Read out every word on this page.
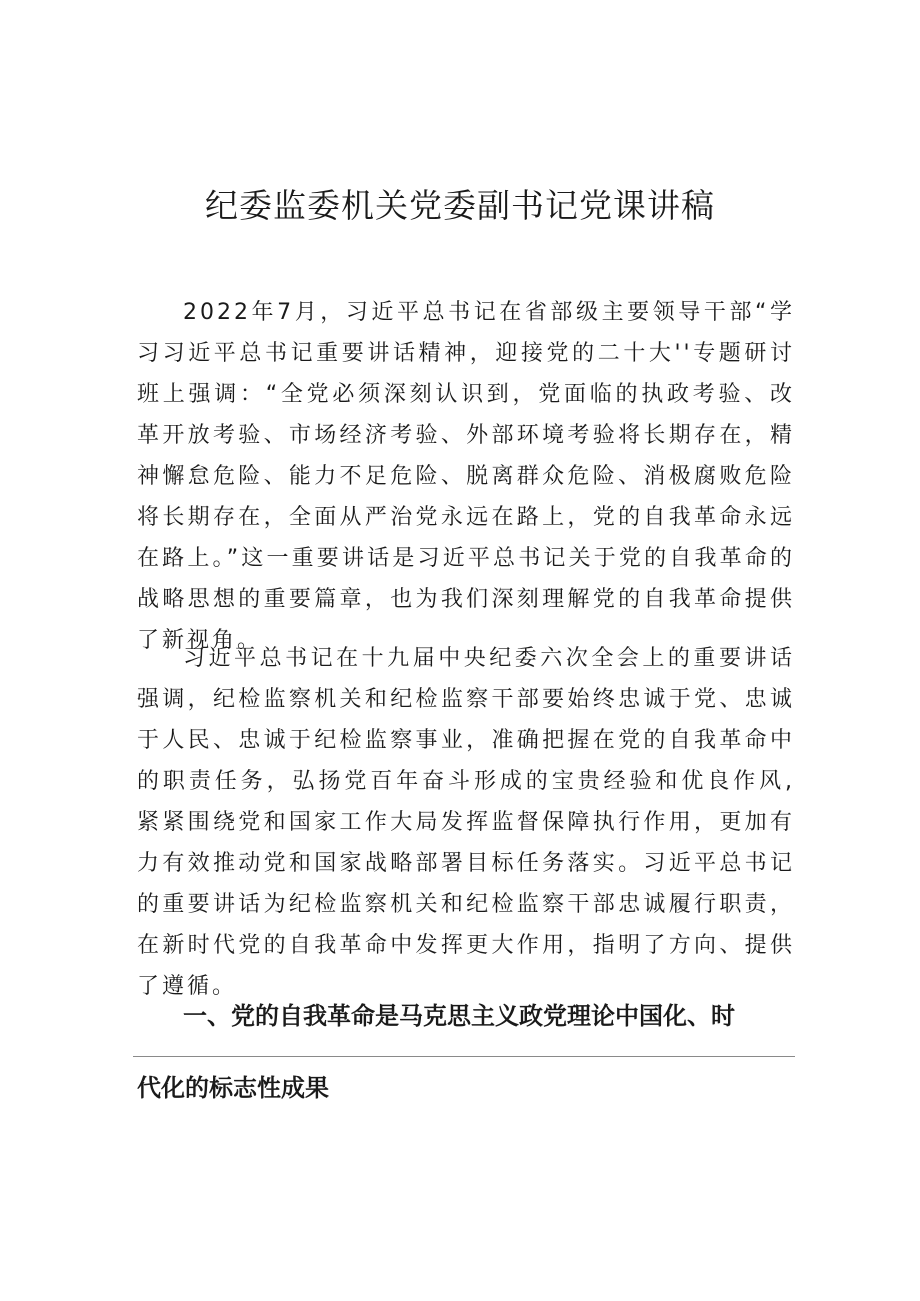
纪委监委机关党委副书记党课讲稿

2022年7月，习近平总书记在省部级主要领导干部“学习习近平总书记重要讲话精神，迎接党的二十大''专题研讨班上强调：“全党必须深刻认识到，党面临的执政考验、改革开放考验、市场经济考验、外部环境考验将长期存在，精神懈怠危险、能力不足危险、脱离群众危险、消极腐败危险将长期存在，全面从严治党永远在路上，党的自我革命永远在路上。”这一重要讲话是习近平总书记关于党的自我革命的战略思想的重要篇章，也为我们深刻理解党的自我革命提供了新视角。

习近平总书记在十九届中央纪委六次全会上的重要讲话强调，纪检监察机关和纪检监察干部要始终忠诚于党、忠诚于人民、忠诚于纪检监察事业，准确把握在党的自我革命中的职责任务，弘扬党百年奋斗形成的宝贵经验和优良作风,紧紧围绕党和国家工作大局发挥监督保障执行作用，更加有力有效推动党和国家战略部署目标任务落实。习近平总书记的重要讲话为纪检监察机关和纪检监察干部忠诚履行职责，在新时代党的自我革命中发挥更大作用，指明了方向、提供了遵循。

一、党的自我革命是马克思主义政党理论中国化、时
代化的标志性成果
